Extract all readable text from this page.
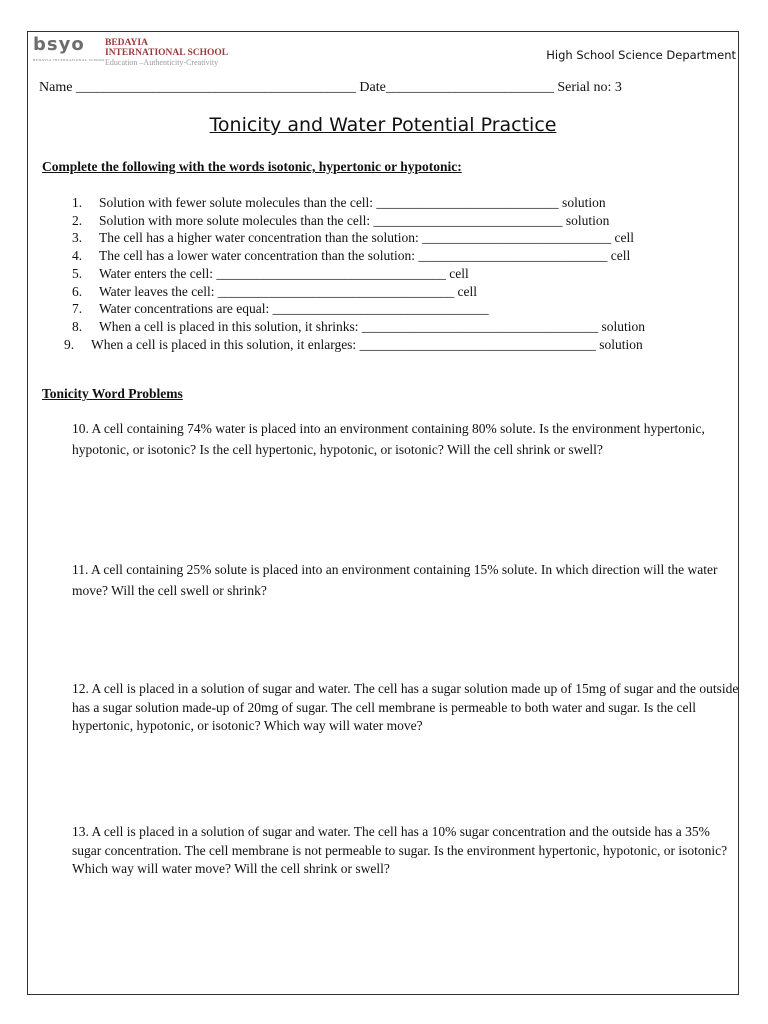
bsyo
BEDAYIA INTERNATIONAL SCHOOL
BEDAYIA
INTERNATIONAL SCHOOL
Education –Authenticity-Creativity
High School Science Department
Name ________________________________________ Date________________________ Serial no: 3
Tonicity and Water Potential Practice
Complete the following with the words isotonic, hypertonic or hypotonic:
1. Solution with fewer solute molecules than the cell: ___________________________ solution
2. Solution with more solute molecules than the cell: ____________________________ solution
3. The cell has a higher water concentration than the solution: ____________________________ cell
4. The cell has a lower water concentration than the solution: ____________________________ cell
5. Water enters the cell: __________________________________ cell
6. Water leaves the cell: ___________________________________ cell
7. Water concentrations are equal: ________________________________
8. When a cell is placed in this solution, it shrinks: ___________________________________ solution
9. When a cell is placed in this solution, it enlarges: ___________________________________ solution
Tonicity Word Problems
10. A cell containing 74% water is placed into an environment containing 80% solute. Is the environment hypertonic, hypotonic, or isotonic? Is the cell hypertonic, hypotonic, or isotonic? Will the cell shrink or swell?
11. A cell containing 25% solute is placed into an environment containing 15% solute. In which direction will the water move? Will the cell swell or shrink?
12. A cell is placed in a solution of sugar and water. The cell has a sugar solution made up of 15mg of sugar and the outside has a sugar solution made-up of 20mg of sugar. The cell membrane is permeable to both water and sugar. Is the cell hypertonic, hypotonic, or isotonic? Which way will water move?
13. A cell is placed in a solution of sugar and water. The cell has a 10% sugar concentration and the outside has a 35% sugar concentration. The cell membrane is not permeable to sugar. Is the environment hypertonic, hypotonic, or isotonic? Which way will water move? Will the cell shrink or swell?
